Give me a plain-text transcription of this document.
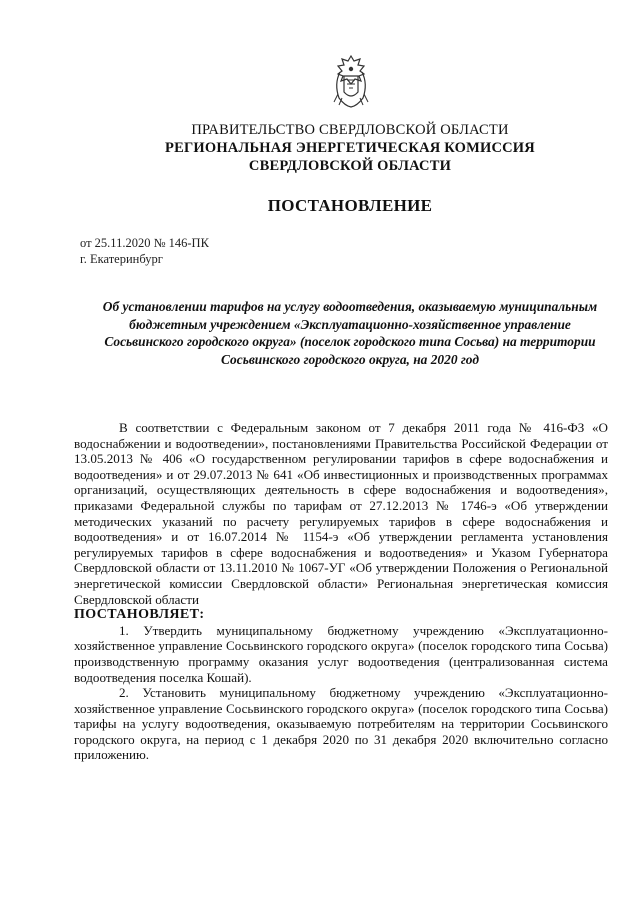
ПРАВИТЕЛЬСТВО СВЕРДЛОВСКОЙ ОБЛАСТИ
РЕГИОНАЛЬНАЯ ЭНЕРГЕТИЧЕСКАЯ КОМИССИЯ
СВЕРДЛОВСКОЙ ОБЛАСТИ
ПОСТАНОВЛЕНИЕ
от 25.11.2020 № 146-ПК
г. Екатеринбург
Об установлении тарифов на услугу водоотведения, оказываемую муниципальным бюджетным учреждением «Эксплуатационно-хозяйственное управление Сосьвинского городского округа» (поселок городского типа Сосьва) на территории Сосьвинского городского округа, на 2020 год

В соответствии с Федеральным законом от 7 декабря 2011 года № 416-ФЗ «О водоснабжении и водоотведении», постановлениями Правительства Российской Федерации от 13.05.2013 № 406 «О государственном регулировании тарифов в сфере водоснабжения и водоотведения» и от 29.07.2013 № 641 «Об инвестиционных и производственных программах организаций, осуществляющих деятельность в сфере водоснабжения и водоотведения», приказами Федеральной службы по тарифам от 27.12.2013 № 1746-э «Об утверждении методических указаний по расчету регулируемых тарифов в сфере водоснабжения и водоотведения» и от 16.07.2014 № 1154-э «Об утверждении регламента установления регулируемых тарифов в сфере водоснабжения и водоотведения» и Указом Губернатора Свердловской области от 13.11.2010 № 1067-УГ «Об утверждении Положения о Региональной энергетической комиссии Свердловской области» Региональная энергетическая комиссия Свердловской области

ПОСТАНОВЛЯЕТ:

1. Утвердить муниципальному бюджетному учреждению «Эксплуатационно-хозяйственное управление Сосьвинского городского округа» (поселок городского типа Сосьва) производственную программу оказания услуг водоотведения (централизованная система водоотведения поселка Кошай).

2. Установить муниципальному бюджетному учреждению «Эксплуатационно-хозяйственное управление Сосьвинского городского округа» (поселок городского типа Сосьва) тарифы на услугу водоотведения, оказываемую потребителям на территории Сосьвинского городского округа, на период с 1 декабря 2020 по 31 декабря 2020 включительно согласно приложению.
